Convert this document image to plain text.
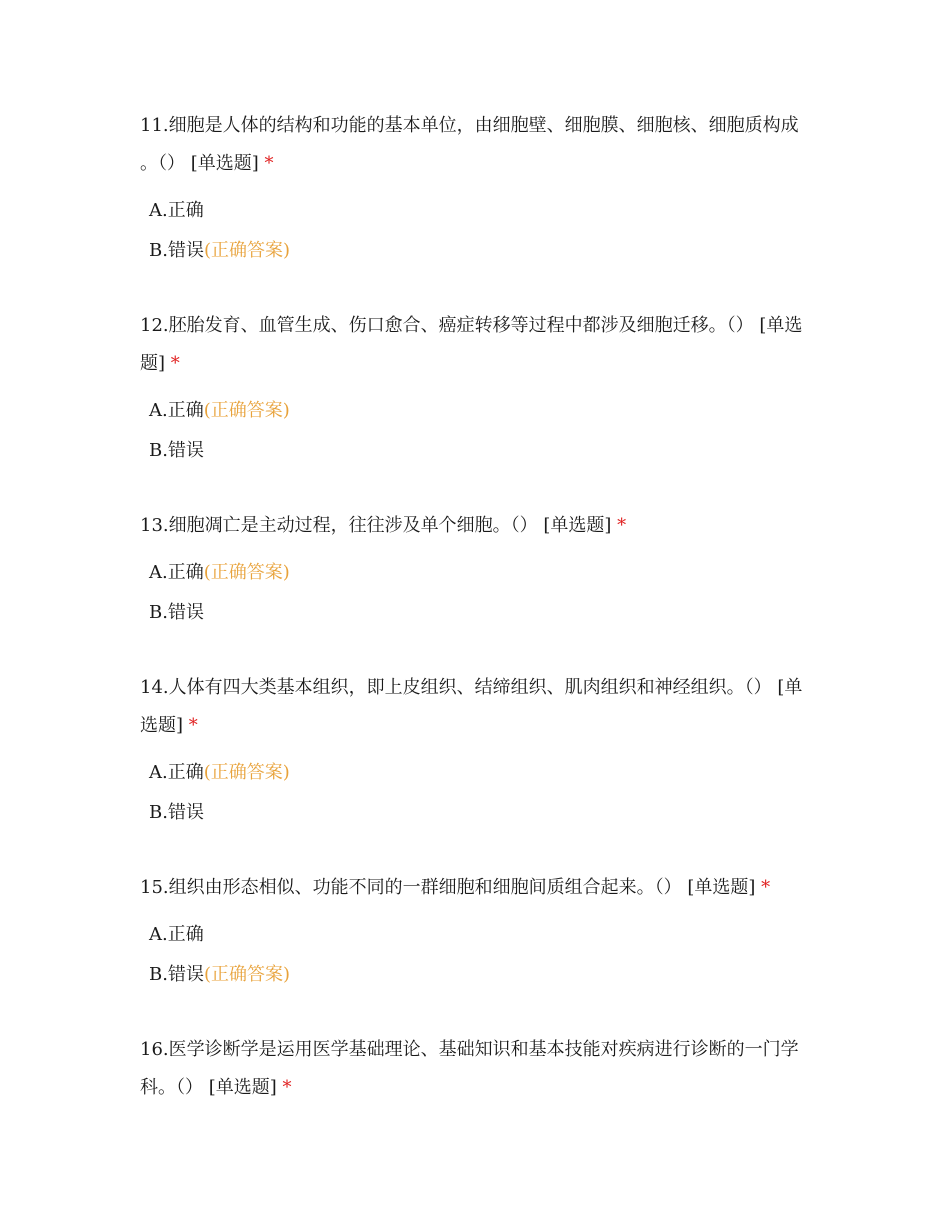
11.细胞是人体的结构和功能的基本单位，由细胞壁、细胞膜、细胞核、细胞质构成 。（） [单选题] *

A.正确
B.错误(正确答案)

12.胚胎发育、血管生成、伤口愈合、癌症转移等过程中都涉及细胞迁移。（） [单选题] *

A.正确(正确答案)
B.错误

13.细胞凋亡是主动过程，往往涉及单个细胞。（） [单选题] *

A.正确(正确答案)
B.错误

14.人体有四大类基本组织，即上皮组织、结缔组织、肌肉组织和神经组织。（） [单选题] *

A.正确(正确答案)
B.错误

15.组织由形态相似、功能不同的一群细胞和细胞间质组合起来。（） [单选题] *

A.正确
B.错误(正确答案)

16.医学诊断学是运用医学基础理论、基础知识和基本技能对疾病进行诊断的一门学科。（） [单选题] *
